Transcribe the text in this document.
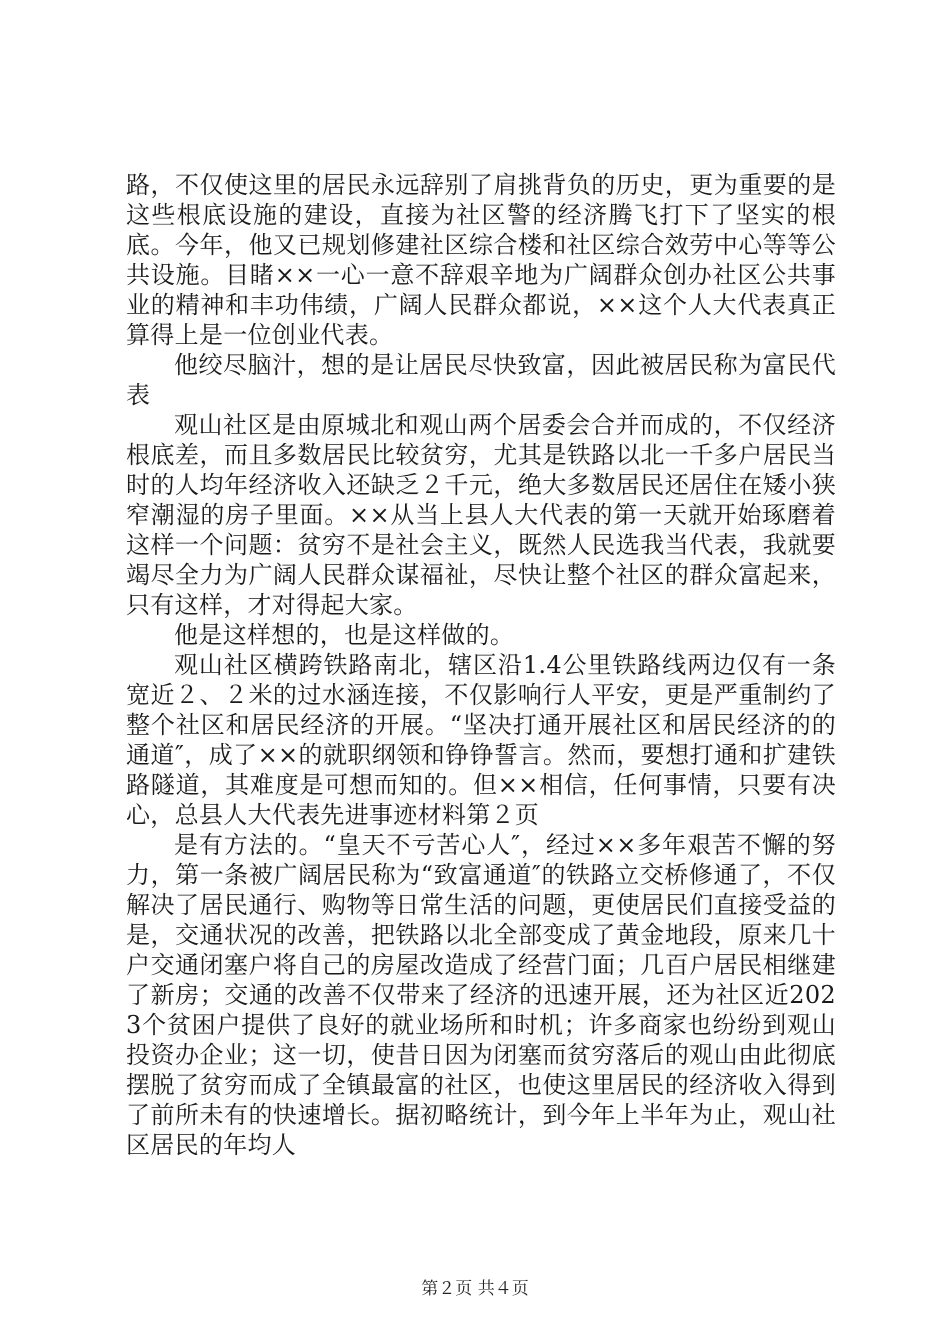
路，不仅使这里的居民永远辞别了肩挑背负的历史，更为重要的是这些根底设施的建设，直接为社区警的经济腾飞打下了坚实的根底。今年，他又已规划修建社区综合楼和社区综合效劳中心等等公共设施。目睹××一心一意不辞艰辛地为广阔群众创办社区公共事业的精神和丰功伟绩，广阔人民群众都说，××这个人大代表真正算得上是一位创业代表。

他绞尽脑汁，想的是让居民尽快致富，因此被居民称为富民代表

观山社区是由原城北和观山两个居委会合并而成的，不仅经济根底差，而且多数居民比较贫穷，尤其是铁路以北一千多户居民当时的人均年经济收入还缺乏２千元，绝大多数居民还居住在矮小狭窄潮湿的房子里面。××从当上县人大代表的第一天就开始琢磨着这样一个问题：贫穷不是社会主义，既然人民选我当代表，我就要竭尽全力为广阔人民群众谋福祉，尽快让整个社区的群众富起来，只有这样，才对得起大家。

他是这样想的，也是这样做的。

观山社区横跨铁路南北，辖区沿1.4公里铁路线两边仅有一条宽近２、２米的过水涵连接，不仅影响行人平安，更是严重制约了整个社区和居民经济的开展。“坚决打通开展社区和居民经济的的通道″，成了××的就职纲领和铮铮誓言。然而，要想打通和扩建铁路隧道，其难度是可想而知的。但××相信，任何事情，只要有决心，总县人大代表先进事迹材料第２页

是有方法的。“皇天不亏苦心人″，经过××多年艰苦不懈的努力，第一条被广阔居民称为“致富通道″的铁路立交桥修通了，不仅解决了居民通行、购物等日常生活的问题，更使居民们直接受益的是，交通状况的改善，把铁路以北全部变成了黄金地段，原来几十户交通闭塞户将自己的房屋改造成了经营门面；几百户居民相继建了新房；交通的改善不仅带来了经济的迅速开展，还为社区近2023个贫困户提供了良好的就业场所和时机；许多商家也纷纷到观山投资办企业；这一切，使昔日因为闭塞而贫穷落后的观山由此彻底摆脱了贫穷而成了全镇最富的社区，也使这里居民的经济收入得到了前所未有的快速增长。据初略统计，到今年上半年为止，观山社区居民的年均人

第２页 共４页
